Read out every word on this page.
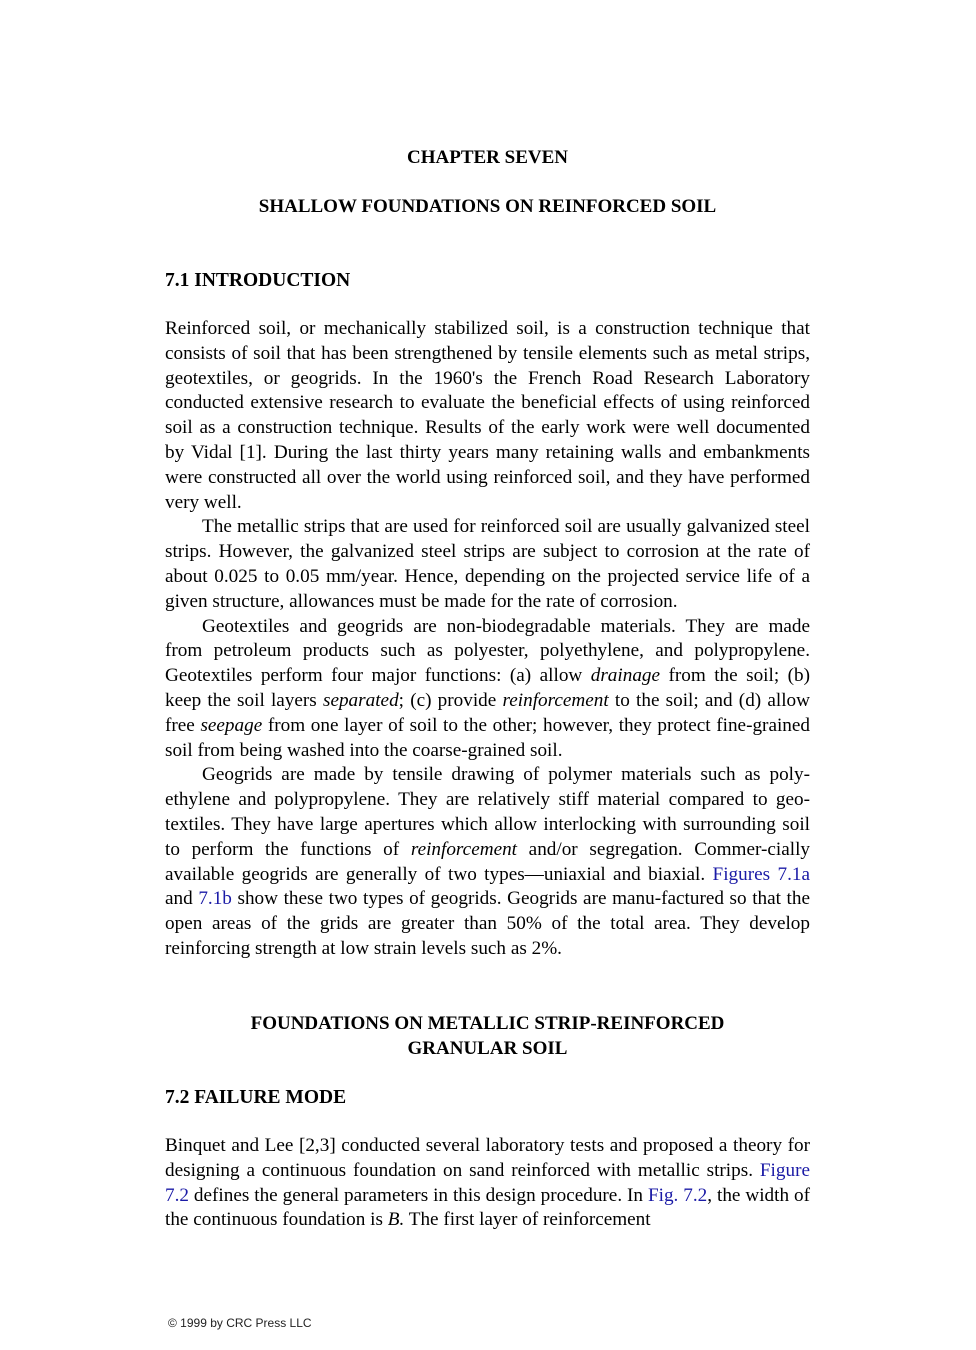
CHAPTER SEVEN
SHALLOW FOUNDATIONS ON REINFORCED SOIL
7.1 INTRODUCTION

Reinforced soil, or mechanically stabilized soil, is a construction technique that consists of soil that has been strengthened by tensile elements such as metal strips, geotextiles, or geogrids. In the 1960's the French Road Research Laboratory conducted extensive research to evaluate the beneficial effects of using reinforced soil as a construction technique. Results of the early work were well documented by Vidal [1]. During the last thirty years many retaining walls and embankments were constructed all over the world using reinforced soil, and they have performed very well.

The metallic strips that are used for reinforced soil are usually galvanized steel strips. However, the galvanized steel strips are subject to corrosion at the rate of about 0.025 to 0.05 mm/year. Hence, depending on the projected service life of a given structure, allowances must be made for the rate of corrosion.

Geotextiles and geogrids are non-biodegradable materials. They are made from petroleum products such as polyester, polyethylene, and polypropylene. Geotextiles perform four major functions: (a) allow drainage from the soil; (b) keep the soil layers separated; (c) provide reinforcement to the soil; and (d) allow free seepage from one layer of soil to the other; however, they protect fine-grained soil from being washed into the coarse-grained soil.

Geogrids are made by tensile drawing of polymer materials such as poly-ethylene and polypropylene. They are relatively stiff material compared to geo-textiles. They have large apertures which allow interlocking with surrounding soil to perform the functions of reinforcement and/or segregation. Commer-cially available geogrids are generally of two types—uniaxial and biaxial. Figures 7.1a and 7.1b show these two types of geogrids. Geogrids are manu-factured so that the open areas of the grids are greater than 50% of the total area. They develop reinforcing strength at low strain levels such as 2%.

FOUNDATIONS ON METALLIC STRIP-REINFORCED
GRANULAR SOIL
7.2 FAILURE MODE

Binquet and Lee [2,3] conducted several laboratory tests and proposed a theory for designing a continuous foundation on sand reinforced with metallic strips. Figure 7.2 defines the general parameters in this design procedure. In Fig. 7.2, the width of the continuous foundation is B. The first layer of reinforcement

© 1999 by CRC Press LLC
